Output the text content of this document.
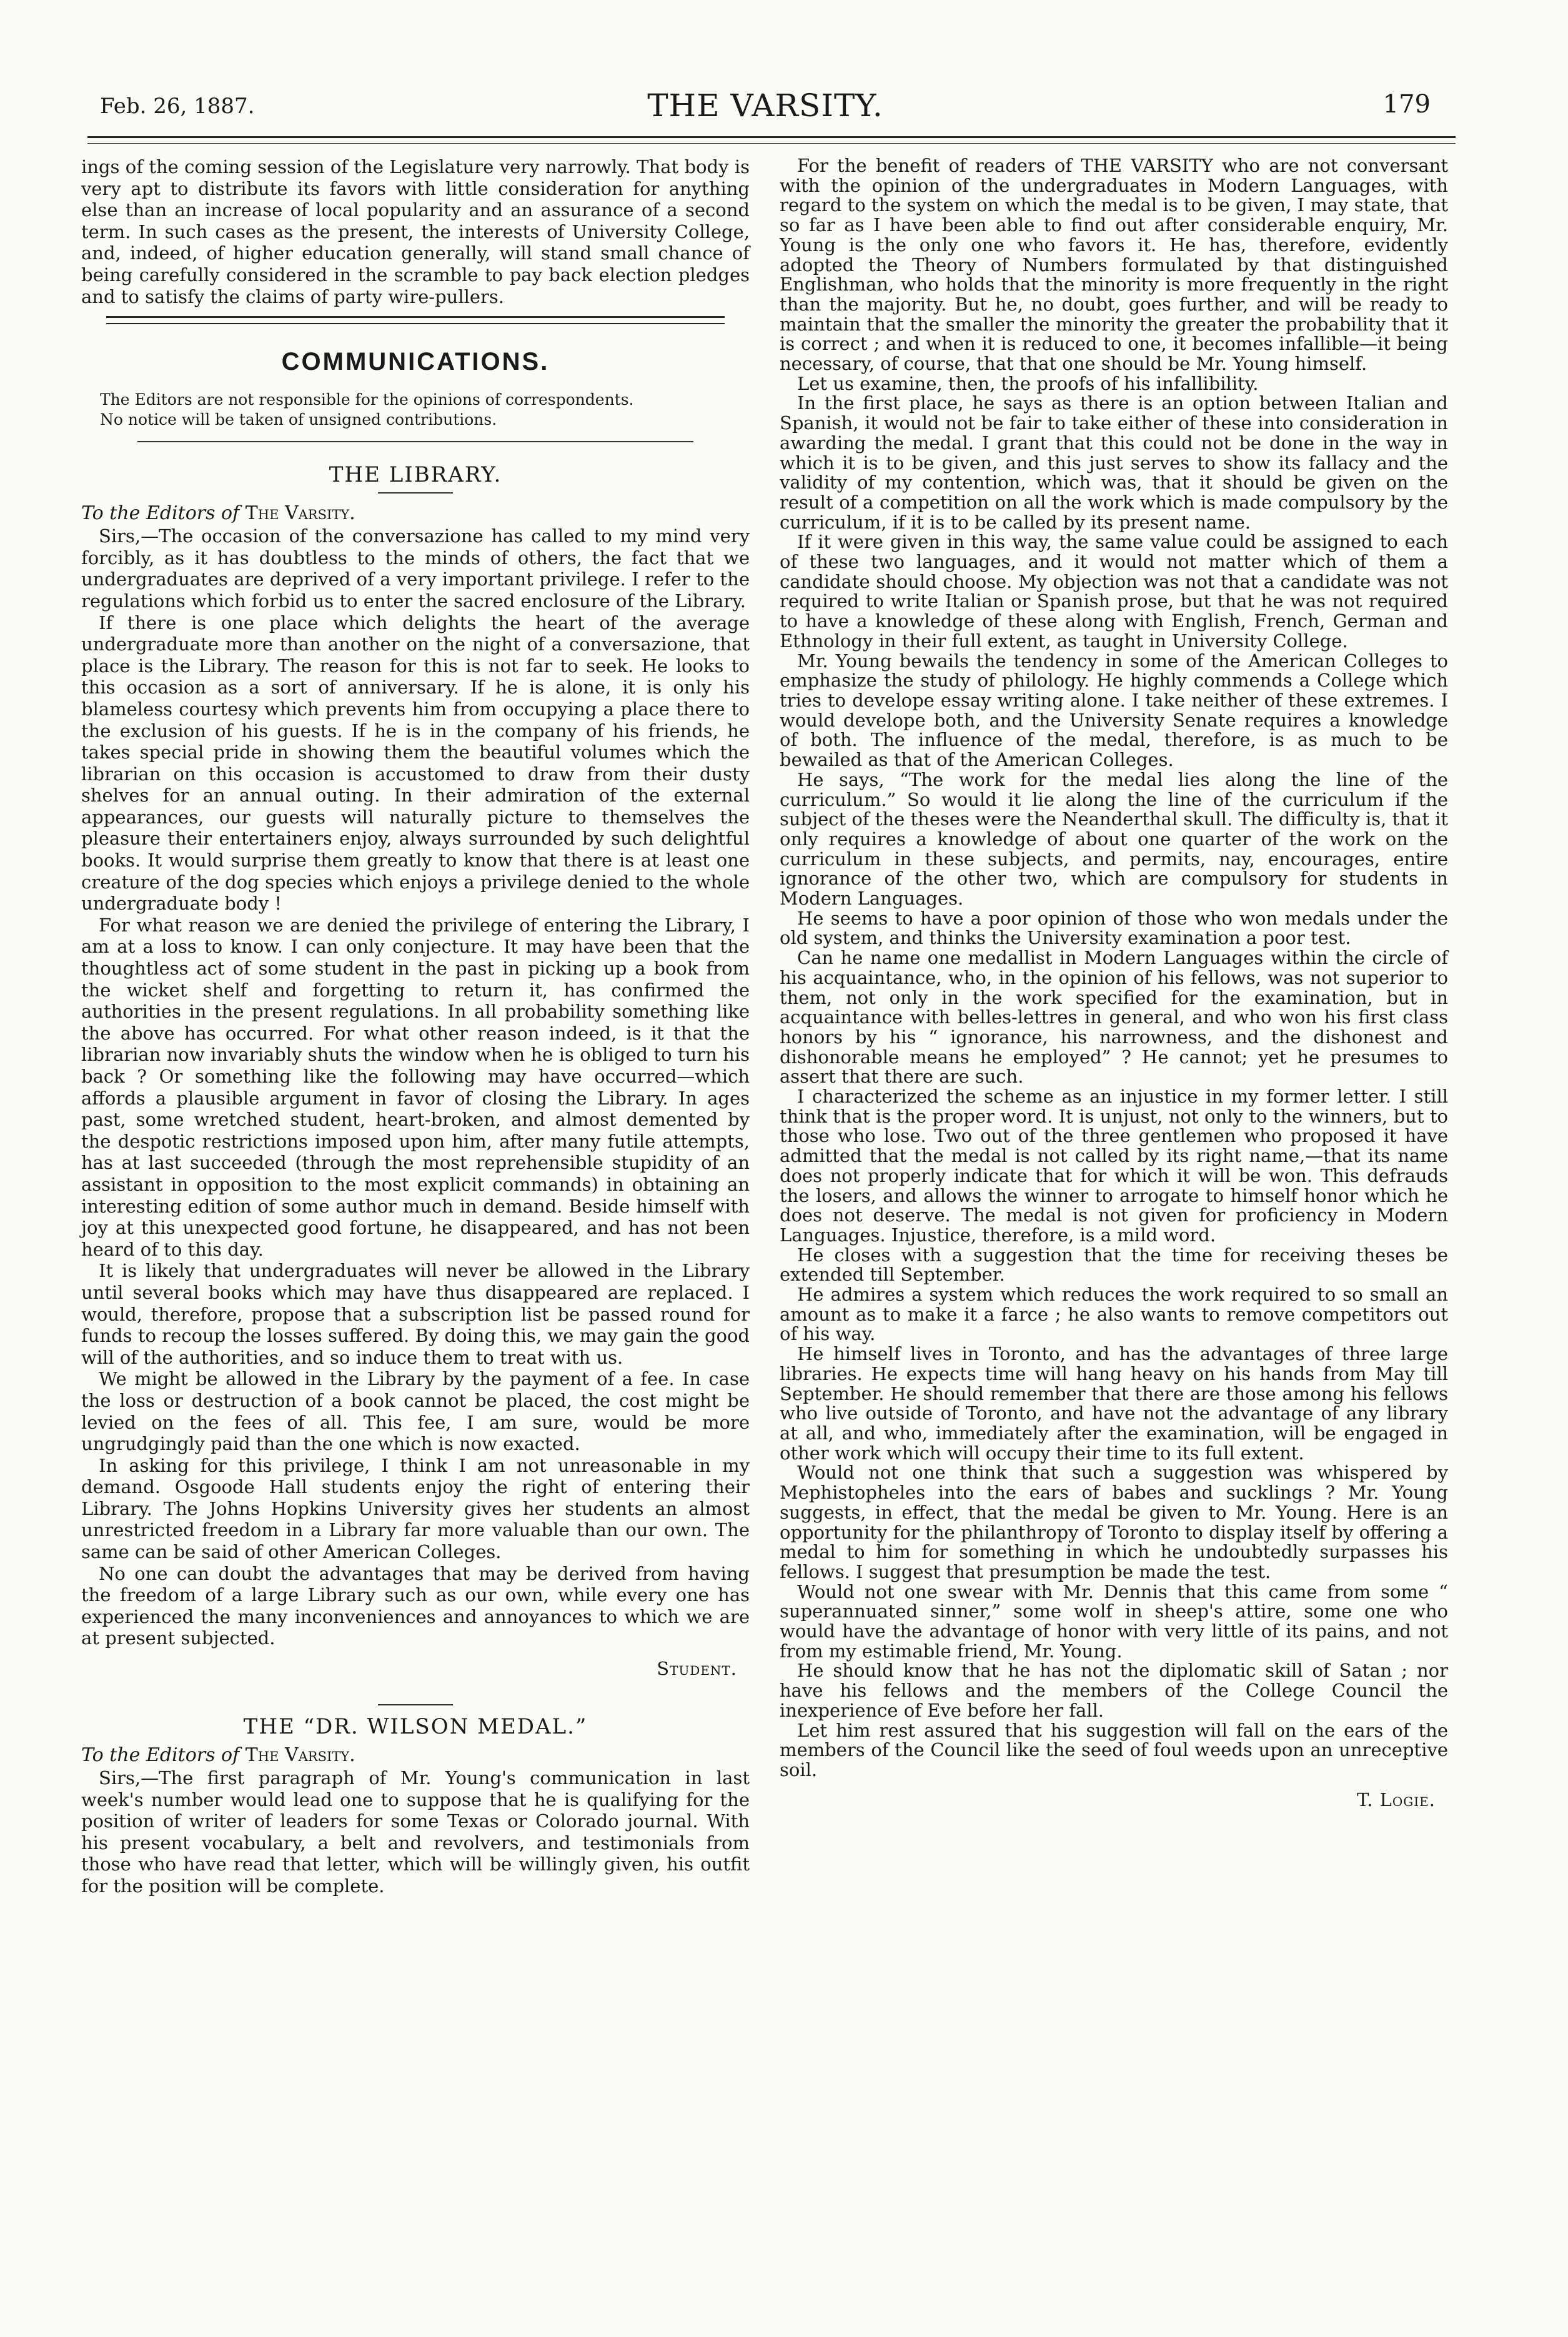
Feb. 26, 1887.	THE VARSITY.	179

ings of the coming session of the Legislature very narrowly. That body is very apt to distribute its favors with little consideration for anything else than an increase of local popularity and an assurance of a second term. In such cases as the present, the interests of University College, and, indeed, of higher education generally, will stand small chance of being carefully considered in the scramble to pay back election pledges and to satisfy the claims of party wire-pullers.

COMMUNICATIONS.

The Editors are not responsible for the opinions of correspondents.

No notice will be taken of unsigned contributions.

THE LIBRARY.
To the Editors of The Varsity.

Sirs,—The occasion of the conversazione has called to my mind very forcibly, as it has doubtless to the minds of others, the fact that we undergraduates are deprived of a very important privilege. I refer to the regulations which forbid us to enter the sacred enclosure of the Library.

If there is one place which delights the heart of the average undergraduate more than another on the night of a conversazione, that place is the Library. The reason for this is not far to seek. He looks to this occasion as a sort of anniversary. If he is alone, it is only his blameless courtesy which prevents him from occupying a place there to the exclusion of his guests. If he is in the company of his friends, he takes special pride in showing them the beautiful volumes which the librarian on this occasion is accustomed to draw from their dusty shelves for an annual outing. In their admiration of the external appearances, our guests will naturally picture to themselves the pleasure their entertainers enjoy, always surrounded by such delightful books. It would surprise them greatly to know that there is at least one creature of the dog species which enjoys a privilege denied to the whole undergraduate body !

For what reason we are denied the privilege of entering the Library, I am at a loss to know. I can only conjecture. It may have been that the thoughtless act of some student in the past in picking up a book from the wicket shelf and forgetting to return it, has confirmed the authorities in the present regulations. In all probability something like the above has occurred. For what other reason indeed, is it that the librarian now invariably shuts the window when he is obliged to turn his back ? Or something like the following may have occurred—which affords a plausible argument in favor of closing the Library. In ages past, some wretched student, heart-broken, and almost demented by the despotic restrictions imposed upon him, after many futile attempts, has at last succeeded (through the most reprehensible stupidity of an assistant in opposition to the most explicit commands) in obtaining an interesting edition of some author much in demand. Beside himself with joy at this unexpected good fortune, he disappeared, and has not been heard of to this day.

It is likely that undergraduates will never be allowed in the Library until several books which may have thus disappeared are replaced. I would, therefore, propose that a subscription list be passed round for funds to recoup the losses suffered. By doing this, we may gain the good will of the authorities, and so induce them to treat with us.

We might be allowed in the Library by the payment of a fee. In case the loss or destruction of a book cannot be placed, the cost might be levied on the fees of all. This fee, I am sure, would be more ungrudgingly paid than the one which is now exacted.

In asking for this privilege, I think I am not unreasonable in my demand. Osgoode Hall students enjoy the right of entering their Library. The Johns Hopkins University gives her students an almost unrestricted freedom in a Library far more valuable than our own. The same can be said of other American Colleges.

No one can doubt the advantages that may be derived from having the freedom of a large Library such as our own, while every one has experienced the many inconveniences and annoyances to which we are at present subjected.

Student.
THE “DR. WILSON MEDAL.”
To the Editors of The Varsity.

Sirs,—The first paragraph of Mr. Young's communication in last week's number would lead one to suppose that he is qualifying for the position of writer of leaders for some Texas or Colorado journal. With his present vocabulary, a belt and revolvers, and testimonials from those who have read that letter, which will be willingly given, his outfit for the position will be complete.

For the benefit of readers of THE VARSITY who are not conversant with the opinion of the undergraduates in Modern Languages, with regard to the system on which the medal is to be given, I may state, that so far as I have been able to find out after considerable enquiry, Mr. Young is the only one who favors it. He has, therefore, evidently adopted the Theory of Numbers formulated by that distinguished Englishman, who holds that the minority is more frequently in the right than the majority. But he, no doubt, goes further, and will be ready to maintain that the smaller the minority the greater the probability that it is correct ; and when it is reduced to one, it becomes infallible—it being necessary, of course, that that one should be Mr. Young himself.

Let us examine, then, the proofs of his infallibility.

In the first place, he says as there is an option between Italian and Spanish, it would not be fair to take either of these into consideration in awarding the medal. I grant that this could not be done in the way in which it is to be given, and this just serves to show its fallacy and the validity of my contention, which was, that it should be given on the result of a competition on all the work which is made compulsory by the curriculum, if it is to be called by its present name.

If it were given in this way, the same value could be assigned to each of these two languages, and it would not matter which of them a candidate should choose. My objection was not that a candidate was not required to write Italian or Spanish prose, but that he was not required to have a knowledge of these along with English, French, German and Ethnology in their full extent, as taught in University College.

Mr. Young bewails the tendency in some of the American Colleges to emphasize the study of philology. He highly commends a College which tries to develope essay writing alone. I take neither of these extremes. I would develope both, and the University Senate requires a knowledge of both. The influence of the medal, therefore, is as much to be bewailed as that of the American Colleges.

He says, “The work for the medal lies along the line of the curriculum.” So would it lie along the line of the curriculum if the subject of the theses were the Neanderthal skull. The difficulty is, that it only requires a knowledge of about one quarter of the work on the curriculum in these subjects, and permits, nay, encourages, entire ignorance of the other two, which are compulsory for students in Modern Languages.

He seems to have a poor opinion of those who won medals under the old system, and thinks the University examination a poor test.

Can he name one medallist in Modern Languages within the circle of his acquaintance, who, in the opinion of his fellows, was not superior to them, not only in the work specified for the examination, but in acquaintance with belles-lettres in general, and who won his first class honors by his “ ignorance, his narrowness, and the dishonest and dishonorable means he employed” ? He cannot; yet he presumes to assert that there are such.

I characterized the scheme as an injustice in my former letter. I still think that is the proper word. It is unjust, not only to the winners, but to those who lose. Two out of the three gentlemen who proposed it have admitted that the medal is not called by its right name,—that its name does not properly indicate that for which it will be won. This defrauds the losers, and allows the winner to arrogate to himself honor which he does not deserve. The medal is not given for proficiency in Modern Languages. Injustice, therefore, is a mild word.

He closes with a suggestion that the time for receiving theses be extended till September.

He admires a system which reduces the work required to so small an amount as to make it a farce ; he also wants to remove competitors out of his way.

He himself lives in Toronto, and has the advantages of three large libraries. He expects time will hang heavy on his hands from May till September. He should remember that there are those among his fellows who live outside of Toronto, and have not the advantage of any library at all, and who, immediately after the examination, will be engaged in other work which will occupy their time to its full extent.

Would not one think that such a suggestion was whispered by Mephistopheles into the ears of babes and sucklings ? Mr. Young suggests, in effect, that the medal be given to Mr. Young. Here is an opportunity for the philanthropy of Toronto to display itself by offering a medal to him for something in which he undoubtedly surpasses his fellows. I suggest that presumption be made the test.

Would not one swear with Mr. Dennis that this came from some “ superannuated sinner,” some wolf in sheep's attire, some one who would have the advantage of honor with very little of its pains, and not from my estimable friend, Mr. Young.

He should know that he has not the diplomatic skill of Satan ; nor have his fellows and the members of the College Council the inexperience of Eve before her fall.

Let him rest assured that his suggestion will fall on the ears of the members of the Council like the seed of foul weeds upon an unreceptive soil.

T. Logie.
